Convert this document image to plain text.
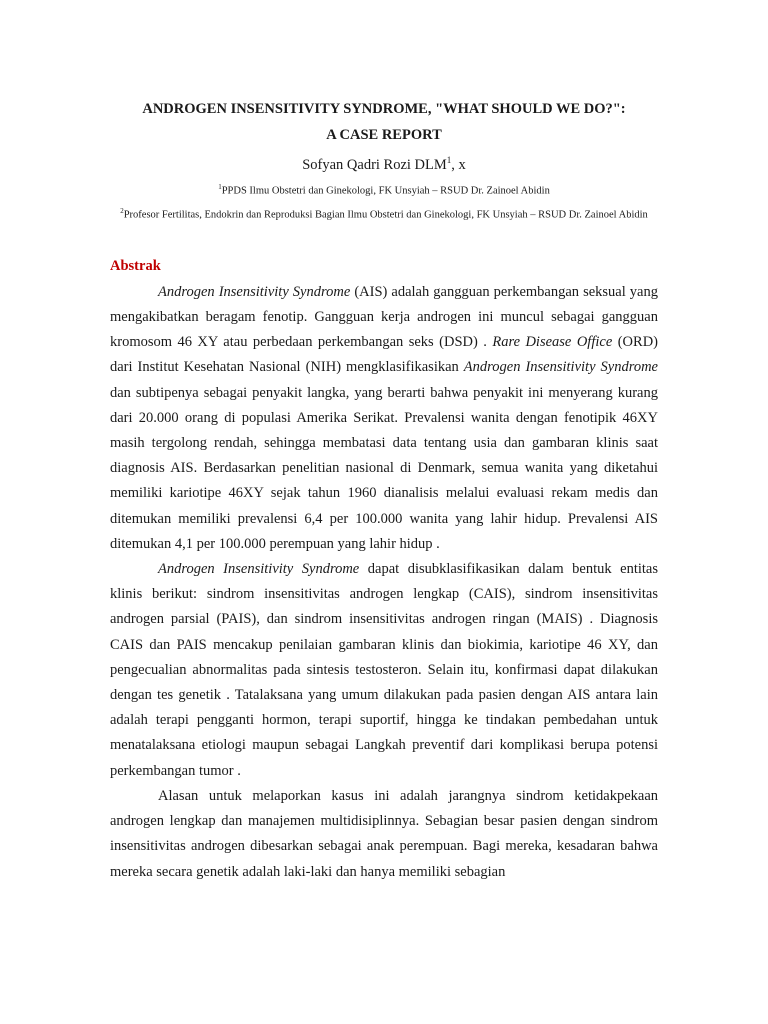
ANDROGEN INSENSITIVITY SYNDROME, "WHAT SHOULD WE DO?":

A CASE REPORT

Sofyan Qadri Rozi DLM$^1$, x

$^1$PPDS Ilmu Obstetri dan Ginekologi, FK Unsyiah – RSUD Dr. Zainoel Abidin

$^2$Profesor Fertilitas, Endokrin dan Reproduksi Bagian Ilmu Obstetri dan Ginekologi, FK Unsyiah – RSUD Dr. Zainoel Abidin

Abstrak

Androgen Insensitivity Syndrome (AIS) adalah gangguan perkembangan seksual yang mengakibatkan beragam fenotip. Gangguan kerja androgen ini muncul sebagai gangguan kromosom 46 XY atau perbedaan perkembangan seks (DSD) . Rare Disease Office (ORD) dari Institut Kesehatan Nasional (NIH) mengklasifikasikan Androgen Insensitivity Syndrome dan subtipenya sebagai penyakit langka, yang berarti bahwa penyakit ini menyerang kurang dari 20.000 orang di populasi Amerika Serikat. Prevalensi wanita dengan fenotipik 46XY masih tergolong rendah, sehingga membatasi data tentang usia dan gambaran klinis saat diagnosis AIS. Berdasarkan penelitian nasional di Denmark, semua wanita yang diketahui memiliki kariotipe 46XY sejak tahun 1960 dianalisis melalui evaluasi rekam medis dan ditemukan memiliki prevalensi 6,4 per 100.000 wanita yang lahir hidup. Prevalensi AIS ditemukan 4,1 per 100.000 perempuan yang lahir hidup .

Androgen Insensitivity Syndrome dapat disubklasifikasikan dalam bentuk entitas klinis berikut: sindrom insensitivitas androgen lengkap (CAIS), sindrom insensitivitas androgen parsial (PAIS), dan sindrom insensitivitas androgen ringan (MAIS) . Diagnosis CAIS dan PAIS mencakup penilaian gambaran klinis dan biokimia, kariotipe 46 XY, dan pengecualian abnormalitas pada sintesis testosteron. Selain itu, konfirmasi dapat dilakukan dengan tes genetik . Tatalaksana yang umum dilakukan pada pasien dengan AIS antara lain adalah terapi pengganti hormon, terapi suportif, hingga ke tindakan pembedahan untuk menatalaksana etiologi maupun sebagai Langkah preventif dari komplikasi berupa potensi perkembangan tumor .

Alasan untuk melaporkan kasus ini adalah jarangnya sindrom ketidakpekaan androgen lengkap dan manajemen multidisiplinnya. Sebagian besar pasien dengan sindrom insensitivitas androgen dibesarkan sebagai anak perempuan. Bagi mereka, kesadaran bahwa mereka secara genetik adalah laki-laki dan hanya memiliki sebagian
